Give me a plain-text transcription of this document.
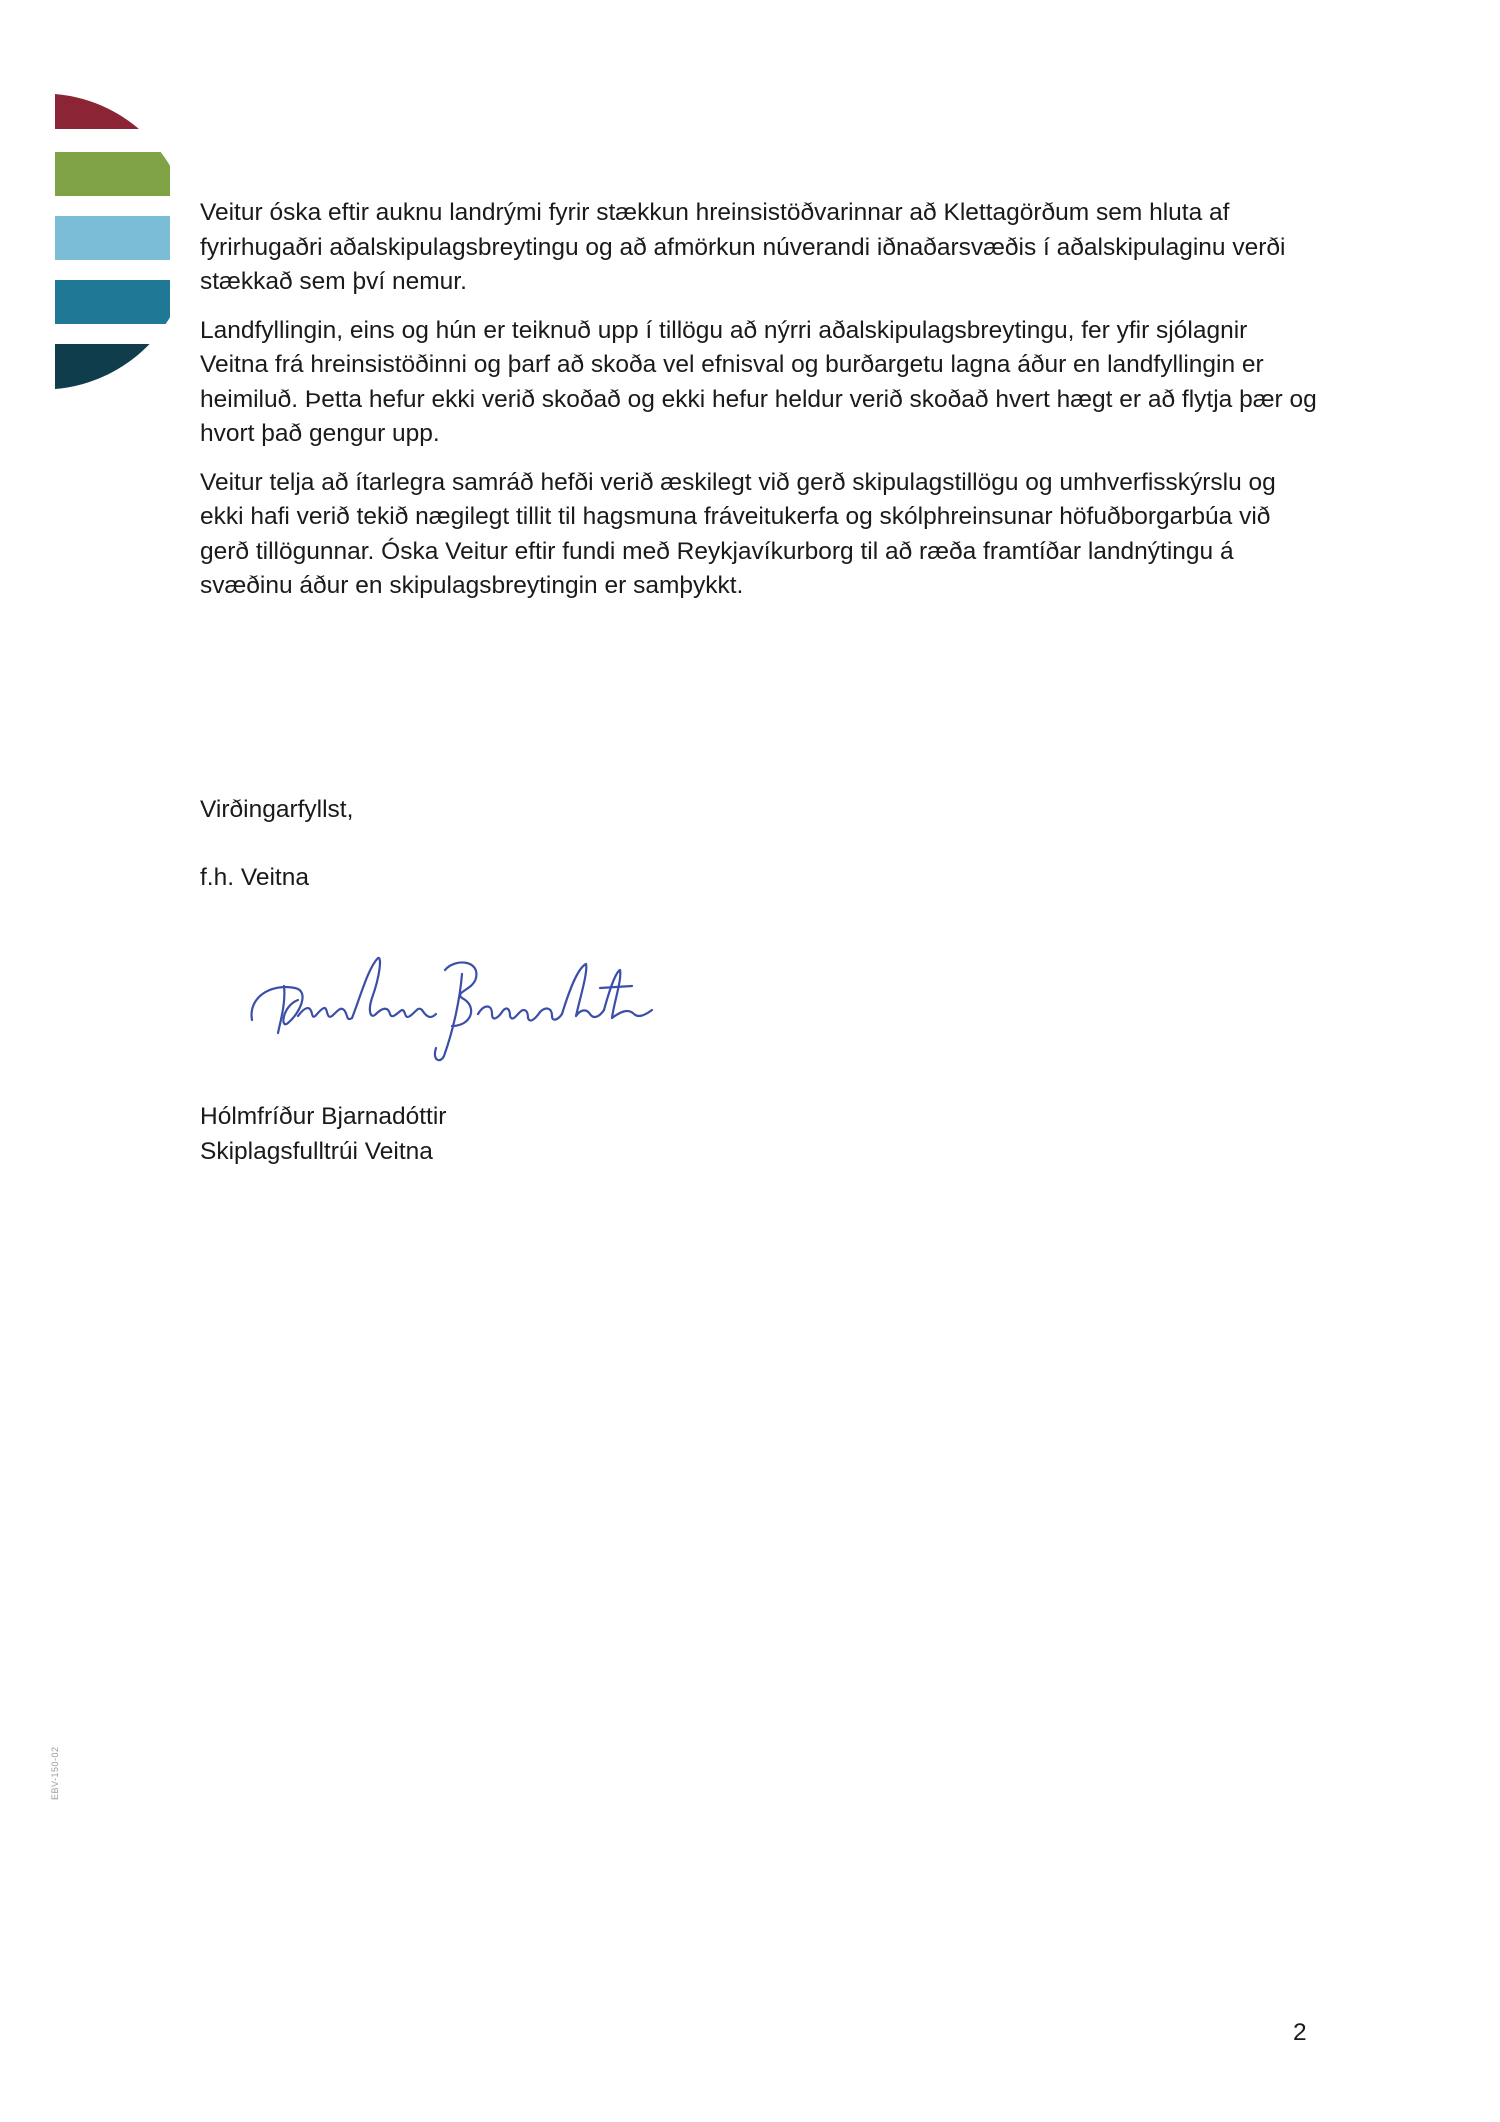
Veitur óska eftir auknu landrými fyrir stækkun hreinsistöðvarinnar að Klettagörðum sem hluta af fyrirhugaðri aðalskipulagsbreytingu og að afmörkun núverandi iðnaðarsvæðis í aðalskipulaginu verði stækkað sem því nemur.

Landfyllingin, eins og hún er teiknuð upp í tillögu að nýrri aðalskipulagsbreytingu, fer yfir sjólagnir Veitna frá hreinsistöðinni og þarf að skoða vel efnisval og burðargetu lagna áður en landfyllingin er heimiluð. Þetta hefur ekki verið skoðað og ekki hefur heldur verið skoðað hvert hægt er að flytja þær og hvort það gengur upp.

Veitur telja að ítarlegra samráð hefði verið æskilegt við gerð skipulagstillögu og umhverfisskýrslu og ekki hafi verið tekið nægilegt tillit til hagsmuna fráveitukerfa og skólphreinsunar höfuðborgarbúa við gerð tillögunnar. Óska Veitur eftir fundi með Reykjavíkurborg til að ræða framtíðar landnýtingu á svæðinu áður en skipulagsbreytingin er samþykkt.

Virðingarfyllst,

f.h. Veitna

Hólmfríður Bjarnadóttir
Skiplagsfulltrúi Veitna
EBV-150-02
2
